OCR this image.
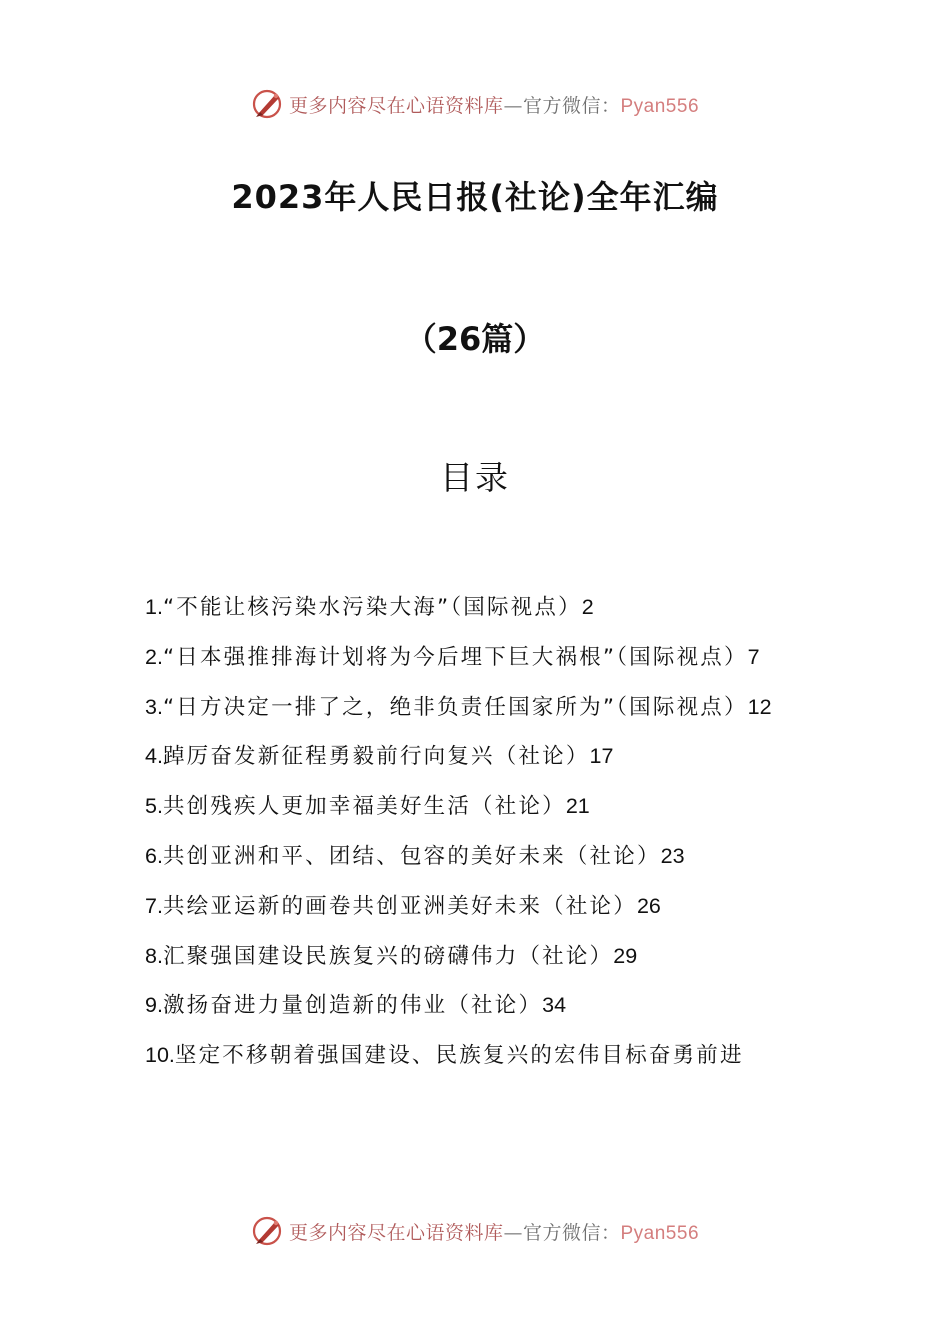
更多内容尽在心语资料库—官方微信：Pyan556
2023年人民日报(社论)全年汇编
（26篇）
目录
1.“不能让核污染水污染大海”（国际视点）2
2.“日本强推排海计划将为今后埋下巨大祸根”（国际视点）7
3.“日方决定一排了之，绝非负责任国家所为”（国际视点）12
4.踔厉奋发新征程勇毅前行向复兴（社论）17
5.共创残疾人更加幸福美好生活（社论）21
6.共创亚洲和平、团结、包容的美好未来（社论）23
7.共绘亚运新的画卷共创亚洲美好未来（社论）26
8.汇聚强国建设民族复兴的磅礴伟力（社论）29
9.激扬奋进力量创造新的伟业（社论）34
10.坚定不移朝着强国建设、民族复兴的宏伟目标奋勇前进
更多内容尽在心语资料库—官方微信：Pyan556
